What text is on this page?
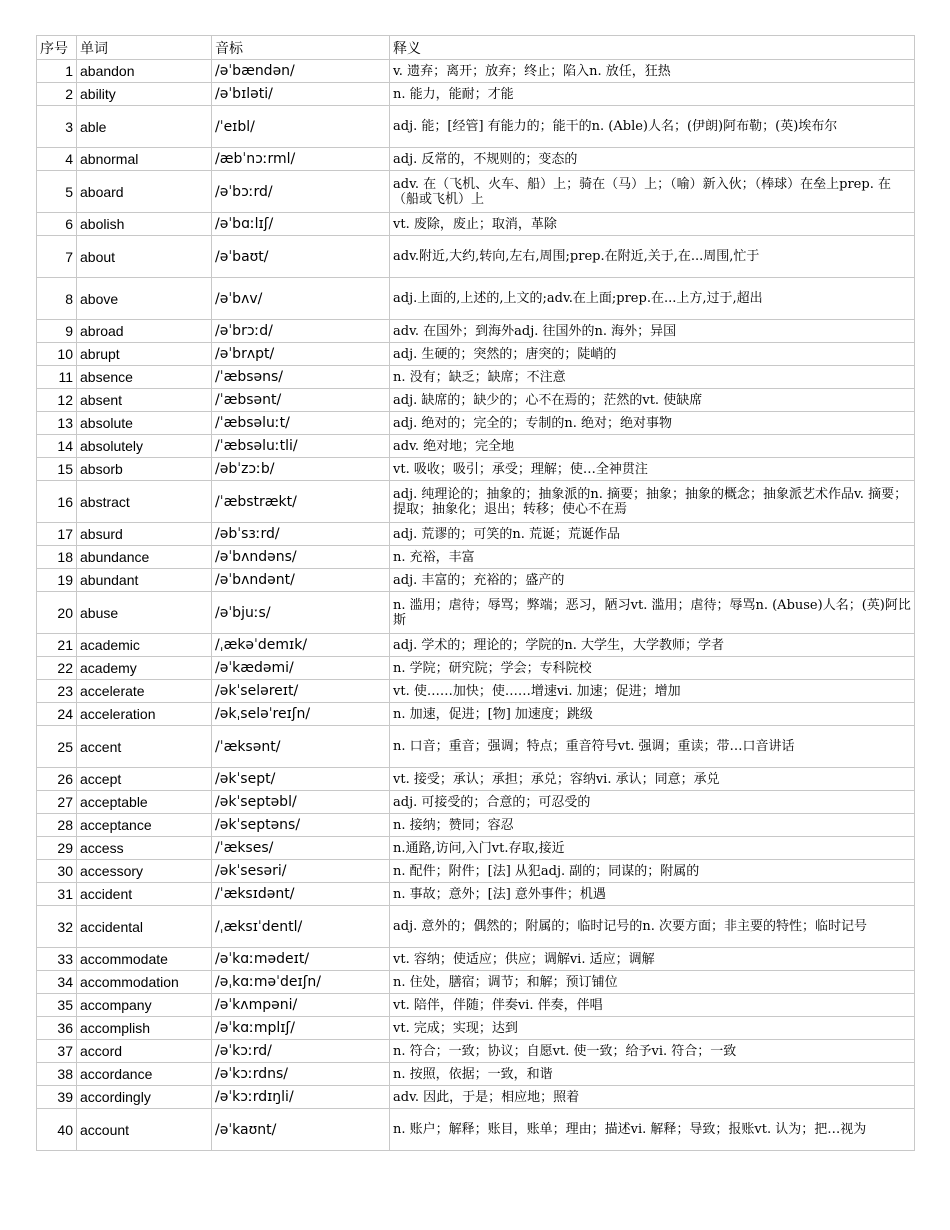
序号	单词	音标	释义
1	abandon	/əˈbændən/	v. 遗弃；离开；放弃；终止；陷入n. 放任，狂热
2	ability	/əˈbɪləti/	n. 能力，能耐；才能
3	able	/ˈeɪbl/	adj. 能；[经管] 有能力的；能干的n. (Able)人名；(伊朗)阿布勒；(英)埃布尔
4	abnormal	/æbˈnɔːrml/	adj. 反常的，不规则的；变态的
5	aboard	/əˈbɔːrd/	adv. 在（飞机、火车、船）上；骑在（马）上；（喻）新入伙；（棒球）在垒上prep. 在 （船或飞机）上
6	abolish	/əˈbɑːlɪʃ/	vt. 废除，废止；取消，革除
7	about	/əˈbaʊt/	adv.附近,大约,转向,左右,周围;prep.在附近,关于,在...周围,忙于
8	above	/əˈbʌv/	adj.上面的,上述的,上文的;adv.在上面;prep.在...上方,过于,超出
9	abroad	/əˈbrɔːd/	adv. 在国外；到海外adj. 往国外的n. 海外；异国
10	abrupt	/əˈbrʌpt/	adj. 生硬的；突然的；唐突的；陡峭的
11	absence	/ˈæbsəns/	n. 没有；缺乏；缺席；不注意
12	absent	/ˈæbsənt/	adj. 缺席的；缺少的；心不在焉的；茫然的vt. 使缺席
13	absolute	/ˈæbsəluːt/	adj. 绝对的；完全的；专制的n. 绝对；绝对事物
14	absolutely	/ˈæbsəluːtli/	adv. 绝对地；完全地
15	absorb	/əbˈzɔːb/	vt. 吸收；吸引；承受；理解；使…全神贯注
16	abstract	/ˈæbstrækt/	adj. 纯理论的；抽象的；抽象派的n. 摘要；抽象；抽象的概念；抽象派艺术作品v. 摘要；提取；抽象化；退出；转移；使心不在焉
17	absurd	/əbˈsɜːrd/	adj. 荒谬的；可笑的n. 荒诞；荒诞作品
18	abundance	/əˈbʌndəns/	n. 充裕，丰富
19	abundant	/əˈbʌndənt/	adj. 丰富的；充裕的；盛产的
20	abuse	/əˈbjuːs/	n. 滥用；虐待；辱骂；弊端；恶习，陋习vt. 滥用；虐待；辱骂n. (Abuse)人名；(英)阿比斯
21	academic	/ˌækəˈdemɪk/	adj. 学术的；理论的；学院的n. 大学生，大学教师；学者
22	academy	/əˈkædəmi/	n. 学院；研究院；学会；专科院校
23	accelerate	/əkˈseləreɪt/	vt. 使……加快；使……增速vi. 加速；促进；增加
24	acceleration	/əkˌseləˈreɪʃn/	n. 加速，促进；[物] 加速度；跳级
25	accent	/ˈæksənt/	n. 口音；重音；强调；特点；重音符号vt. 强调；重读；带…口音讲话
26	accept	/əkˈsept/	vt. 接受；承认；承担；承兑；容纳vi. 承认；同意；承兑
27	acceptable	/əkˈseptəbl/	adj. 可接受的；合意的；可忍受的
28	acceptance	/əkˈseptəns/	n. 接纳；赞同；容忍
29	access	/ˈækses/	n.通路,访问,入门vt.存取,接近
30	accessory	/əkˈsesəri/	n. 配件；附件；[法] 从犯adj. 副的；同谋的；附属的
31	accident	/ˈæksɪdənt/	n. 事故；意外；[法] 意外事件；机遇
32	accidental	/ˌæksɪˈdentl/	adj. 意外的；偶然的；附属的；临时记号的n. 次要方面；非主要的特性；临时记号
33	accommodate	/əˈkɑːmədeɪt/	vt. 容纳；使适应；供应；调解vi. 适应；调解
34	accommodation	/əˌkɑːməˈdeɪʃn/	n. 住处，膳宿；调节；和解；预订铺位
35	accompany	/əˈkʌmpəni/	vt. 陪伴，伴随；伴奏vi. 伴奏，伴唱
36	accomplish	/əˈkɑːmplɪʃ/	vt. 完成；实现；达到
37	accord	/əˈkɔːrd/	n. 符合；一致；协议；自愿vt. 使一致；给予vi. 符合；一致
38	accordance	/əˈkɔːrdns/	n. 按照，依据；一致，和谐
39	accordingly	/əˈkɔːrdɪŋli/	adv. 因此，于是；相应地；照着
40	account	/əˈkaʊnt/	n. 账户；解释；账目，账单；理由；描述vi. 解释；导致；报账vt. 认为；把…视为
